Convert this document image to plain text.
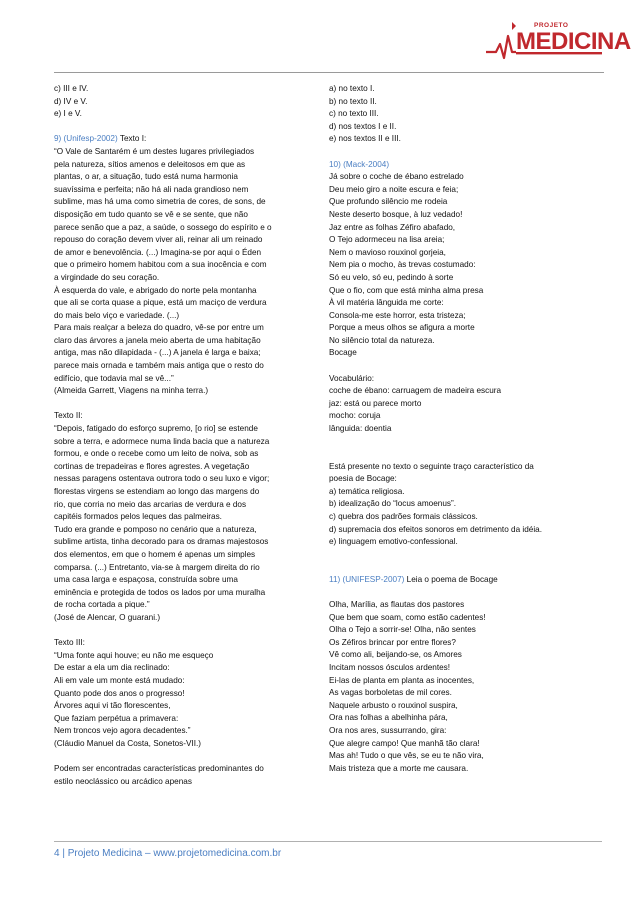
PROJETO
MEDICINA

c) III e IV.

d) IV e V.

e) I e V.

9) (Unifesp-2002) Texto I:

“O Vale de Santarém é um destes lugares privilegiados

pela natureza, sítios amenos e deleitosos em que as

plantas, o ar, a situação, tudo está numa harmonia

suavíssima e perfeita; não há ali nada grandioso nem

sublime, mas há uma como simetria de cores, de sons, de

disposição em tudo quanto se vê e se sente, que não

parece senão que a paz, a saúde, o sossego do espírito e o

repouso do coração devem viver ali, reinar ali um reinado

de amor e benevolência. (...) Imagina-se por aqui o Éden

que o primeiro homem habitou com a sua inocência e com

a virgindade do seu coração.

À esquerda do vale, e abrigado do norte pela montanha

que ali se corta quase a pique, está um maciço de verdura

do mais belo viço e variedade. (...)

Para mais realçar a beleza do quadro, vê-se por entre um

claro das árvores a janela meio aberta de uma habitação

antiga, mas não dilapidada - (...) A janela é larga e baixa;

parece mais ornada e também mais antiga que o resto do

edifício, que todavia mal se vê...”

(Almeida Garrett, Viagens na minha terra.)

Texto II:

“Depois, fatigado do esforço supremo, [o rio] se estende

sobre a terra, e adormece numa linda bacia que a natureza

formou, e onde o recebe como um leito de noiva, sob as

cortinas de trepadeiras e flores agrestes. A vegetação

nessas paragens ostentava outrora todo o seu luxo e vigor;

florestas virgens se estendiam ao longo das margens do

rio, que corria no meio das arcarias de verdura e dos

capitéis formados pelos leques das palmeiras.

Tudo era grande e pomposo no cenário que a natureza,

sublime artista, tinha decorado para os dramas majestosos

dos elementos, em que o homem é apenas um simples

comparsa. (...) Entretanto, via-se à margem direita do rio

uma casa larga e espaçosa, construída sobre uma

eminência e protegida de todos os lados por uma muralha

de rocha cortada a pique.”

(José de Alencar, O guarani.)

Texto III:

“Uma fonte aqui houve; eu não me esqueço

De estar a ela um dia reclinado:

Ali em vale um monte está mudado:

Quanto pode dos anos o progresso!

Árvores aqui vi tão florescentes,

Que faziam perpétua a primavera:

Nem troncos vejo agora decadentes.”

(Cláudio Manuel da Costa, Sonetos-VII.)

Podem ser encontradas características predominantes do

estilo neoclássico ou arcádico apenas

a) no texto I.

b) no texto II.

c) no texto III.

d) nos textos I e II.

e) nos textos II e III.

10) (Mack-2004)

Já sobre o coche de ébano estrelado

Deu meio giro a noite escura e feia;

Que profundo silêncio me rodeia

Neste deserto bosque, à luz vedado!

Jaz entre as folhas Zéfiro abafado,

O Tejo adormeceu na lisa areia;

Nem o mavioso rouxinol gorjeia,

Nem pia o mocho, às trevas costumado:

Só eu velo, só eu, pedindo à sorte

Que o fio, com que está minha alma presa

À vil matéria lânguida me corte:

Consola-me este horror, esta tristeza;

Porque a meus olhos se afigura a morte

No silêncio total da natureza.

Bocage

Vocabulário:

coche de ébano: carruagem de madeira escura

jaz: está ou parece morto

mocho: coruja

lânguida: doentia

Está presente no texto o seguinte traço característico da

poesia de Bocage:

a) temática religiosa.

b) idealização do “locus amoenus”.

c) quebra dos padrões formais clássicos.

d) supremacia dos efeitos sonoros em detrimento da idéia.

e) linguagem emotivo-confessional.

11) (UNIFESP-2007) Leia o poema de Bocage

Olha, Marília, as flautas dos pastores

Que bem que soam, como estão cadentes!

Olha o Tejo a sorrir-se! Olha, não sentes

Os Zéfiros brincar por entre flores?

Vê como ali, beijando-se, os Amores

Incitam nossos ósculos ardentes!

Ei-las de planta em planta as inocentes,

As vagas borboletas de mil cores.

Naquele arbusto o rouxinol suspira,

Ora nas folhas a abelhinha pára,

Ora nos ares, sussurrando, gira:

Que alegre campo! Que manhã tão clara!

Mas ah! Tudo o que vês, se eu te não vira,

Mais tristeza que a morte me causara.

4 | Projeto Medicina – www.projetomedicina.com.br
